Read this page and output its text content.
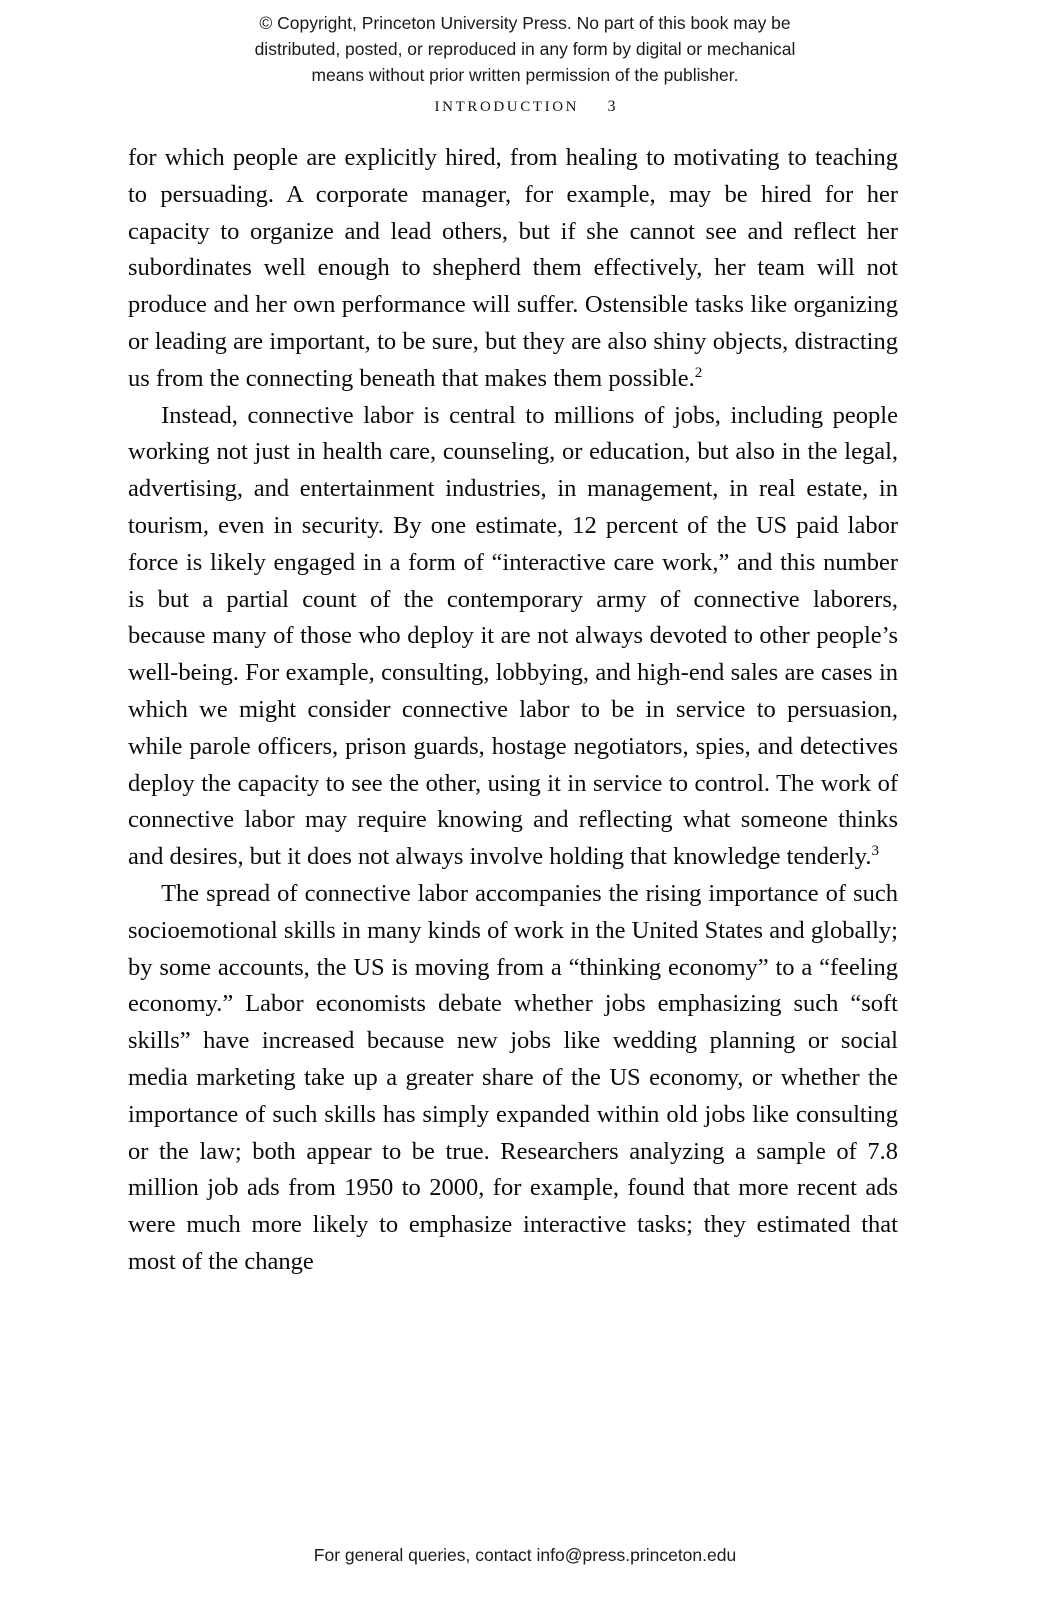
© Copyright, Princeton University Press. No part of this book may be
distributed, posted, or reproduced in any form by digital or mechanical
means without prior written permission of the publisher.
INTRODUCTION 3

for which people are explicitly hired, from healing to motivating to teaching to persuading. A corporate manager, for example, may be hired for her capacity to organize and lead others, but if she cannot see and reflect her subordinates well enough to shepherd them effectively, her team will not produce and her own performance will suffer. Ostensible tasks like organizing or leading are important, to be sure, but they are also shiny objects, distracting us from the connecting beneath that makes them possible.$^2$

Instead, connective labor is central to millions of jobs, including people working not just in health care, counseling, or education, but also in the legal, advertising, and entertainment industries, in management, in real estate, in tourism, even in security. By one estimate, 12 percent of the US paid labor force is likely engaged in a form of “interactive care work,” and this number is but a partial count of the contemporary army of connective laborers, because many of those who deploy it are not always devoted to other people’s well-being. For example, consulting, lobbying, and high-end sales are cases in which we might consider connective labor to be in service to persuasion, while parole officers, prison guards, hostage negotiators, spies, and detectives deploy the capacity to see the other, using it in service to control. The work of connective labor may require knowing and reflecting what someone thinks and desires, but it does not always involve holding that knowledge tenderly.$^3$

The spread of connective labor accompanies the rising importance of such socioemotional skills in many kinds of work in the United States and globally; by some accounts, the US is moving from a “thinking economy” to a “feeling economy.” Labor economists debate whether jobs emphasizing such “soft skills” have increased because new jobs like wedding planning or social media marketing take up a greater share of the US economy, or whether the importance of such skills has simply expanded within old jobs like consulting or the law; both appear to be true. Researchers analyzing a sample of 7.8 million job ads from 1950 to 2000, for example, found that more recent ads were much more likely to emphasize interactive tasks; they estimated that most of the change

For general queries, contact info@press.princeton.edu
